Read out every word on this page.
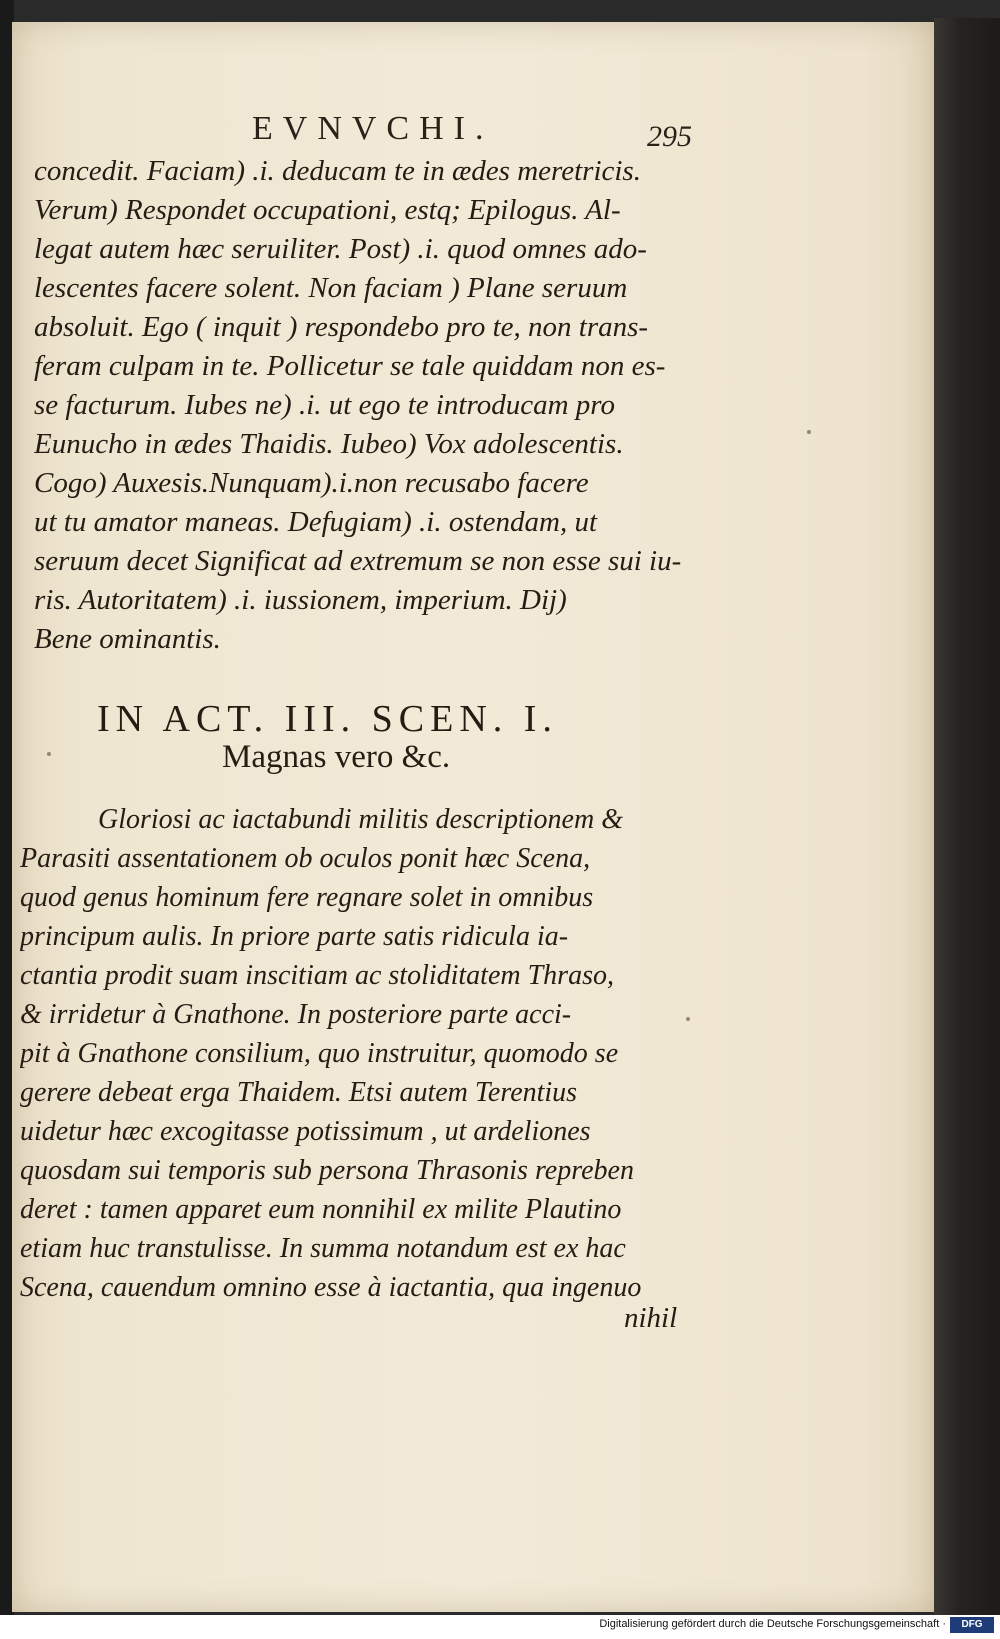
EVNVCHI.	295
concedit. Faciam) .i. deducam te in ædes meretricis.
Verum) Respondet occupationi, estq; Epilogus. Al-
legat autem hæc seruiliter. Post) .i. quod omnes ado-
lescentes facere solent. Non faciam ) Plane seruum
absoluit. Ego ( inquit ) respondebo pro te, non trans-
feram culpam in te. Pollicetur se tale quiddam non es-
se facturum. Iubes ne) .i. ut ego te introducam pro
Eunucho in ædes Thaidis. Iubeo) Vox adolescentis.
Cogo) Auxesis.Nunquam).i.non recusabo facere
ut tu amator maneas. Defugiam) .i. ostendam, ut
seruum decet Significat ad extremum se non esse sui iu-
ris. Autoritatem) .i. iussionem, imperium. Dij)
Bene ominantis.
IN ACT. III. SCEN. I.
Magnas vero &c.
Gloriosi ac iactabundi militis descriptionem &
Parasiti assentationem ob oculos ponit hæc Scena,
quod genus hominum fere regnare solet in omnibus
principum aulis. In priore parte satis ridicula ia-
ctantia prodit suam inscitiam ac stoliditatem Thraso,
& irridetur à Gnathone. In posteriore parte acci-
pit à Gnathone consilium, quo instruitur, quomodo se
gerere debeat erga Thaidem. Etsi autem Terentius
uidetur hæc excogitasse potissimum , ut ardeliones
quosdam sui temporis sub persona Thrasonis repreben
deret : tamen apparet eum nonnihil ex milite Plautino
etiam huc transtulisse. In summa notandum est ex hac
Scena, cauendum omnino esse à iactantia, qua ingenuo
nihil
Digitalisierung gefördert durch die Deutsche Forschungsgemeinschaft ·	DFG
